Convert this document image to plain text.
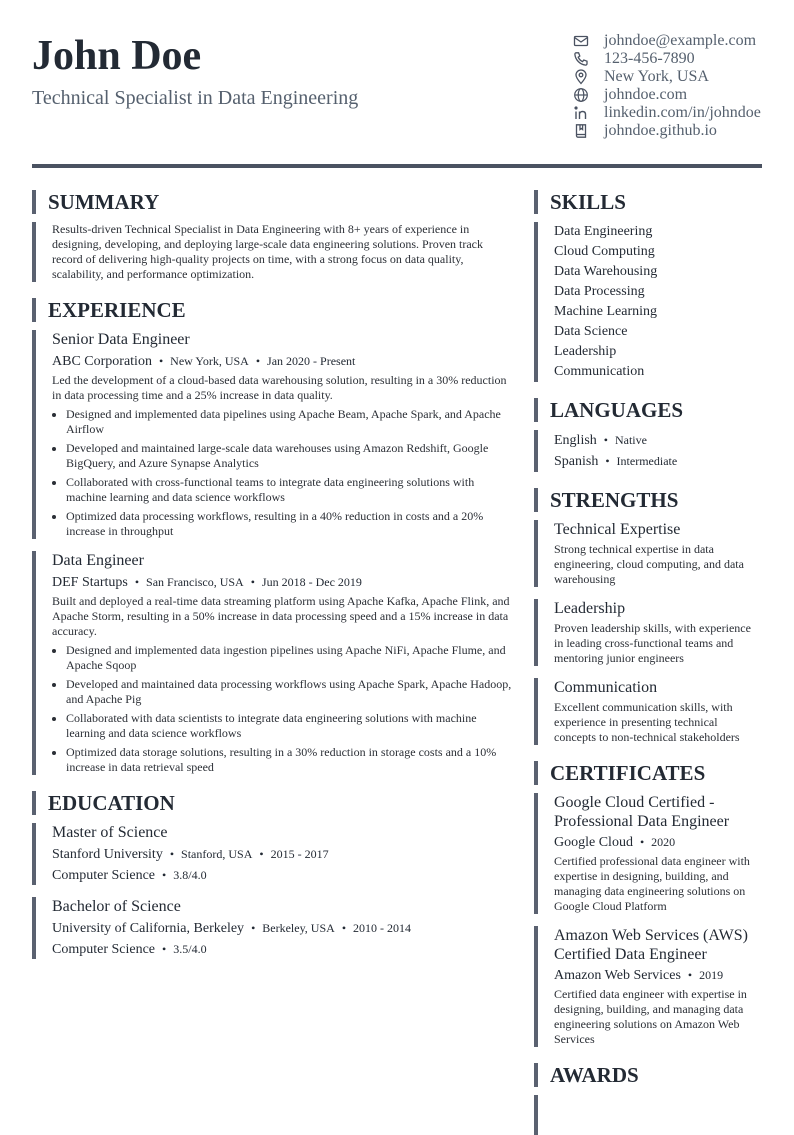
John Doe
Technical Specialist in Data Engineering
johndoe@example.com
123-456-7890
New York, USA
johndoe.com
linkedin.com/in/johndoe
johndoe.github.io
SUMMARY
Results-driven Technical Specialist in Data Engineering with 8+ years of experience in designing, developing, and deploying large-scale data engineering solutions. Proven track record of delivering high-quality projects on time, with a strong focus on data quality, scalability, and performance optimization.
EXPERIENCE
Senior Data Engineer
ABC Corporation • New York, USA • Jan 2020 - Present
Led the development of a cloud-based data warehousing solution, resulting in a 30% reduction in data processing time and a 25% increase in data quality.
• Designed and implemented data pipelines using Apache Beam, Apache Spark, and Apache Airflow
• Developed and maintained large-scale data warehouses using Amazon Redshift, Google BigQuery, and Azure Synapse Analytics
• Collaborated with cross-functional teams to integrate data engineering solutions with machine learning and data science workflows
• Optimized data processing workflows, resulting in a 40% reduction in costs and a 20% increase in throughput
Data Engineer
DEF Startups • San Francisco, USA • Jun 2018 - Dec 2019
Built and deployed a real-time data streaming platform using Apache Kafka, Apache Flink, and Apache Storm, resulting in a 50% increase in data processing speed and a 15% increase in data accuracy.
• Designed and implemented data ingestion pipelines using Apache NiFi, Apache Flume, and Apache Sqoop
• Developed and maintained data processing workflows using Apache Spark, Apache Hadoop, and Apache Pig
• Collaborated with data scientists to integrate data engineering solutions with machine learning and data science workflows
• Optimized data storage solutions, resulting in a 30% reduction in storage costs and a 10% increase in data retrieval speed
EDUCATION
Master of Science
Stanford University • Stanford, USA • 2015 - 2017
Computer Science • 3.8/4.0
Bachelor of Science
University of California, Berkeley • Berkeley, USA • 2010 - 2014
Computer Science • 3.5/4.0
SKILLS
Data Engineering
Cloud Computing
Data Warehousing
Data Processing
Machine Learning
Data Science
Leadership
Communication
LANGUAGES
English • Native
Spanish • Intermediate
STRENGTHS
Technical Expertise
Strong technical expertise in data engineering, cloud computing, and data warehousing
Leadership
Proven leadership skills, with experience in leading cross-functional teams and mentoring junior engineers
Communication
Excellent communication skills, with experience in presenting technical concepts to non-technical stakeholders
CERTIFICATES
Google Cloud Certified - Professional Data Engineer
Google Cloud • 2020
Certified professional data engineer with expertise in designing, building, and managing data engineering solutions on Google Cloud Platform
Amazon Web Services (AWS) Certified Data Engineer
Amazon Web Services • 2019
Certified data engineer with expertise in designing, building, and managing data engineering solutions on Amazon Web Services
AWARDS
